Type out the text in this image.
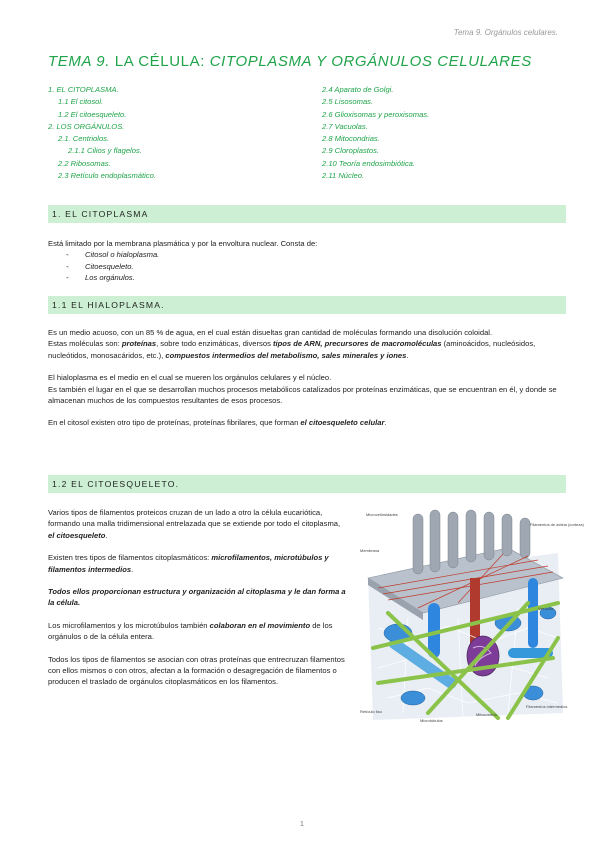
Tema 9. Orgánulos celulares.
TEMA 9. LA CÉLULA: CITOPLASMA Y ORGÁNULOS CELULARES
1. EL CITOPLASMA.
1.1 El citosol.
1.2 El citoesqueleto.
2. LOS ORGÁNULOS.
2.1. Centriolos.
2.1.1 Cilios y flagelos.
2.2 Ribosomas.
2.3 Retículo endoplasmático.
2.4 Aparato de Golgi.
2.5 Lisosomas.
2.6 Glioxisomas y peroxisomas.
2.7 Vacuolas.
2.8 Mitocondrias.
2.9 Cloroplastos.
2.10 Teoría endosimbiótica.
2.11 Núcleo.
1. EL CITOPLASMA
Está limitado por la membrana plasmática y por la envoltura nuclear. Consta de:
- Citosol o hialoplasma.
- Citoesqueleto.
- Los orgánulos.
1.1 EL HIALOPLASMA.
Es un medio acuoso, con un 85 % de agua, en el cual están disueltas gran cantidad de moléculas formando una disolución coloidal.
Estas moléculas son: proteínas, sobre todo enzimáticas, diversos tipos de ARN, precursores de macromoléculas (aminoácidos, nucleósidos, nucleótidos, monosacáridos, etc.), compuestos intermedios del metabolismo, sales minerales y iones.
El hialoplasma es el medio en el cual se mueren los orgánulos celulares y el núcleo.
Es también el lugar en el que se desarrollan muchos procesos metabólicos catalizados por proteínas enzimáticas, que se encuentran en él, y donde se almacenan muchos de los compuestos resultantes de esos procesos.
En el citosol existen otro tipo de proteínas, proteínas fibrilares, que forman el citoesqueleto celular.
1.2 EL CITOESQUELETO.

Varios tipos de filamentos proteicos cruzan de un lado a otro la célula eucariótica, formando una malla tridimensional entrelazada que se extiende por todo el citoplasma, el citoesqueleto.

Existen tres tipos de filamentos citoplasmáticos: microfilamentos, microtúbulos y filamentos intermedios.

Todos ellos proporcionan estructura y organización al citoplasma y le dan forma a la célula.

Los microfilamentos y los microtúbulos también colaboran en el movimiento de los orgánulos o de la célula entera.

Todos los tipos de filamentos se asocian con otras proteínas que entrecruzan filamentos con ellos mismos o con otros, afectan a la formación o desagregación de filamentos o producen el traslado de orgánulos citoplasmáticos en los filamentos.

Microvellosidades
Membrana
Filamentos de actina (corteza)
Vesícula
Filamentos intermedios
Mitocondria
Retículo liso
Microtúbulos
1
